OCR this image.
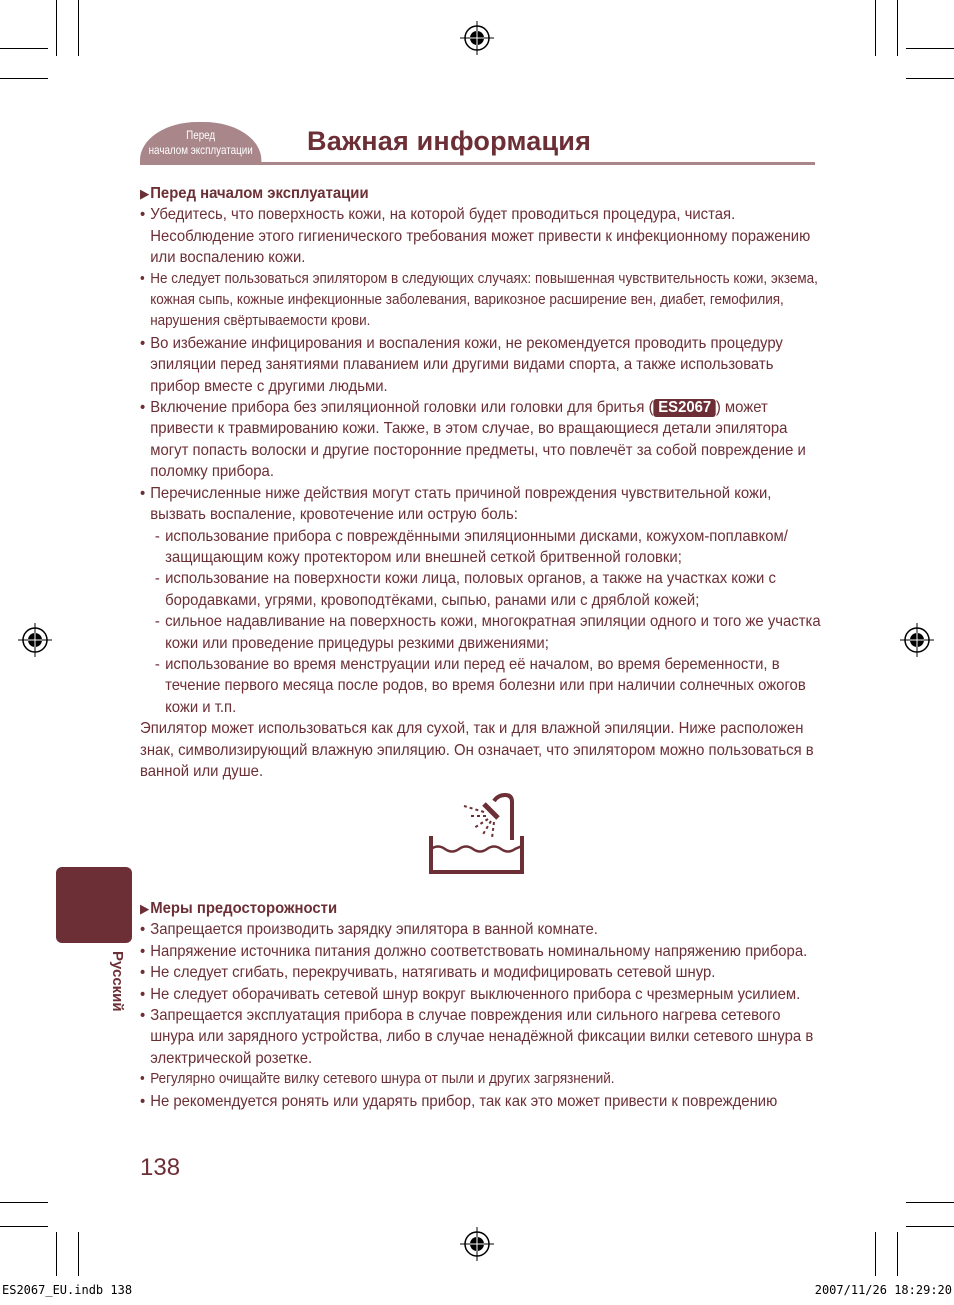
Перед
началом эксплуатации	Важная информация
▶Перед началом эксплуатации
• Убедитесь, что поверхность кожи, на которой будет проводиться процедура, чистая. Несоблюдение этого гигиенического требования может привести к инфекционному поражению или воспалению кожи.
• Не следует пользоваться эпилятором в следующих случаях: повышенная чувствительность кожи, экзема, кожная сыпь, кожные инфекционные заболевания, варикозное расширение вен, диабет, гемофилия, нарушения свёртываемости крови.
• Во избежание инфицирования и воспаления кожи, не рекомендуется проводить процедуру эпиляции перед занятиями плаванием или другими видами спорта, а также использовать прибор вместе с другими людьми.
• Включение прибора без эпиляционной головки или головки для бритья ( ES2067 ) может привести к травмированию кожи. Также, в этом случае, во вращающиеся детали эпилятора могут попасть волоски и другие посторонние предметы, что повлечёт за собой повреждение и поломку прибора.
• Перечисленные ниже действия могут стать причиной повреждения чувствительной кожи, вызвать воспаление, кровотечение или острую боль:
- использование прибора с повреждёнными эпиляционными дисками, кожухом-поплавком/защищающим кожу протектором или внешней сеткой бритвенной головки;
- использование на поверхности кожи лица, половых органов, а также на участках кожи с бородавками, угрями, кровоподтёками, сыпью, ранами или с дряблой кожей;
- сильное надавливание на поверхность кожи, многократная эпиляции одного и того же участка кожи или проведение прицедуры резкими движениями;
- использование во время менструации или перед её началом, во время беременности, в течение первого месяца после родов, во время болезни или при наличии солнечных ожогов кожи и т.п.
Эпилятор может использоваться как для сухой, так и для влажной эпиляции. Ниже расположен знак, символизирующий влажную эпиляцию. Он означает, что эпилятором можно пользоваться в ванной или душе.
▶Меры предосторожности
• Запрещается производить зарядку эпилятора в ванной комнате.
• Напряжение источника питания должно соответствовать номинальному напряжению прибора.
• Не следует сгибать, перекручивать, натягивать и модифицировать сетевой шнур.
• Не следует оборачивать сетевой шнур вокруг выключенного прибора с чрезмерным усилием.
• Запрещается эксплуатация прибора в случае повреждения или сильного нагрева сетевого шнура или зарядного устройства, либо в случае ненадёжной фиксации вилки сетевого шнура в электрической розетке.
• Регулярно очищайте вилку сетевого шнура от пыли и других загрязнений.
• Не рекомендуется ронять или ударять прибор, так как это может привести к повреждению
Русский
138
ES2067_EU.indb 138	2007/11/26 18:29:20
